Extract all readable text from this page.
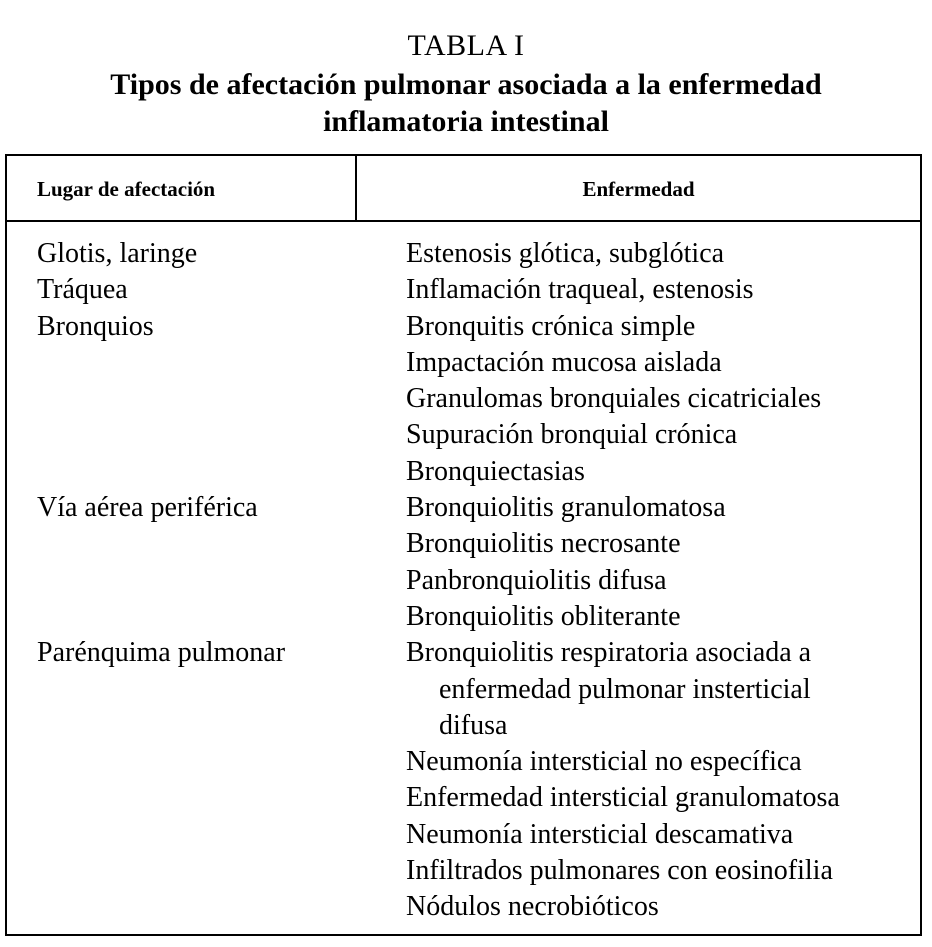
TABLA I
Tipos de afectación pulmonar asociada a la enfermedad
inflamatoria intestinal
Lugar de afectación	Enfermedad
Glotis, laringe	Estenosis glótica, subglótica
Tráquea	Inflamación traqueal, estenosis
Bronquios	Bronquitis crónica simple
Impactación mucosa aislada
Granulomas bronquiales cicatriciales
Supuración bronquial crónica
Bronquiectasias
Vía aérea periférica	Bronquiolitis granulomatosa
Bronquiolitis necrosante
Panbronquiolitis difusa
Bronquiolitis obliterante
Parénquima pulmonar	Bronquiolitis respiratoria asociada a
enfermedad pulmonar insterticial
difusa
Neumonía intersticial no específica
Enfermedad intersticial granulomatosa
Neumonía intersticial descamativa
Infiltrados pulmonares con eosinofilia
Nódulos necrobióticos
